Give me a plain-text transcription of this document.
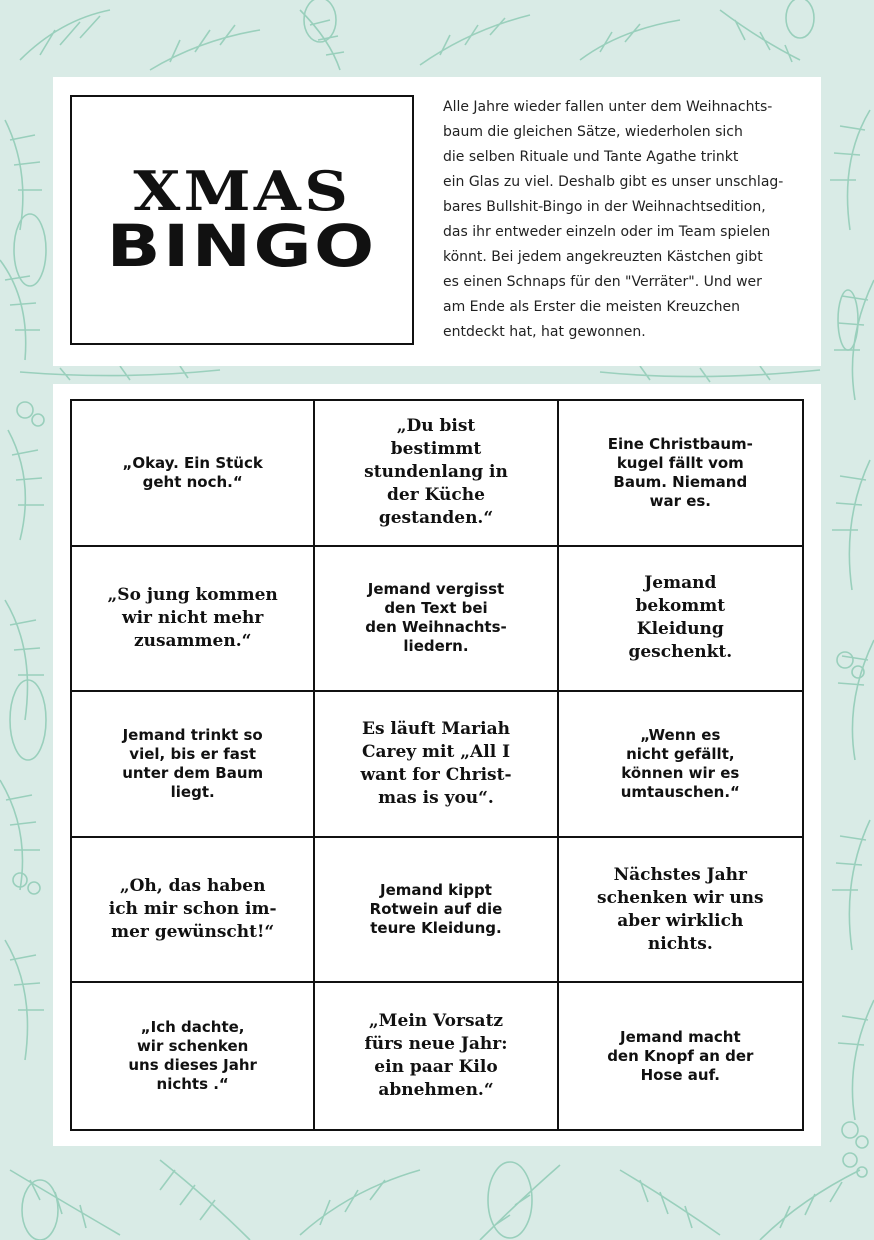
XMAS
BINGO

Alle Jahre wieder fallen unter dem Weihnachts-
baum die gleichen Sätze, wiederholen sich
die selben Rituale und Tante Agathe trinkt
ein Glas zu viel. Deshalb gibt es unser unschlag-
bares Bullshit-Bingo in der Weihnachtsedition,
das ihr entweder einzeln oder im Team spielen
könnt. Bei jedem angekreuzten Kästchen gibt
es einen Schnaps für den "Verräter". Und wer
am Ende als Erster die meisten Kreuzchen
entdeckt hat, hat gewonnen.

„Okay. Ein Stück
geht noch.“
„Du bist
bestimmt
stundenlang in
der Küche
gestanden.“
Eine Christbaum-
kugel fällt vom
Baum. Niemand
war es.
„So jung kommen
wir nicht mehr
zusammen.“
Jemand vergisst
den Text bei
den Weihnachts-
liedern.
Jemand
bekommt
Kleidung
geschenkt.
Jemand trinkt so
viel, bis er fast
unter dem Baum
liegt.
Es läuft Mariah
Carey mit „All I
want for Christ-
mas is you“.
„Wenn es
nicht gefällt,
können wir es
umtauschen.“
„Oh, das haben
ich mir schon im-
mer gewünscht!“
Jemand kippt
Rotwein auf die
teure Kleidung.
Nächstes Jahr
schenken wir uns
aber wirklich
nichts.
„Ich dachte,
wir schenken
uns dieses Jahr
nichts .“
„Mein Vorsatz
fürs neue Jahr:
ein paar Kilo
abnehmen.“
Jemand macht
den Knopf an der
Hose auf.
